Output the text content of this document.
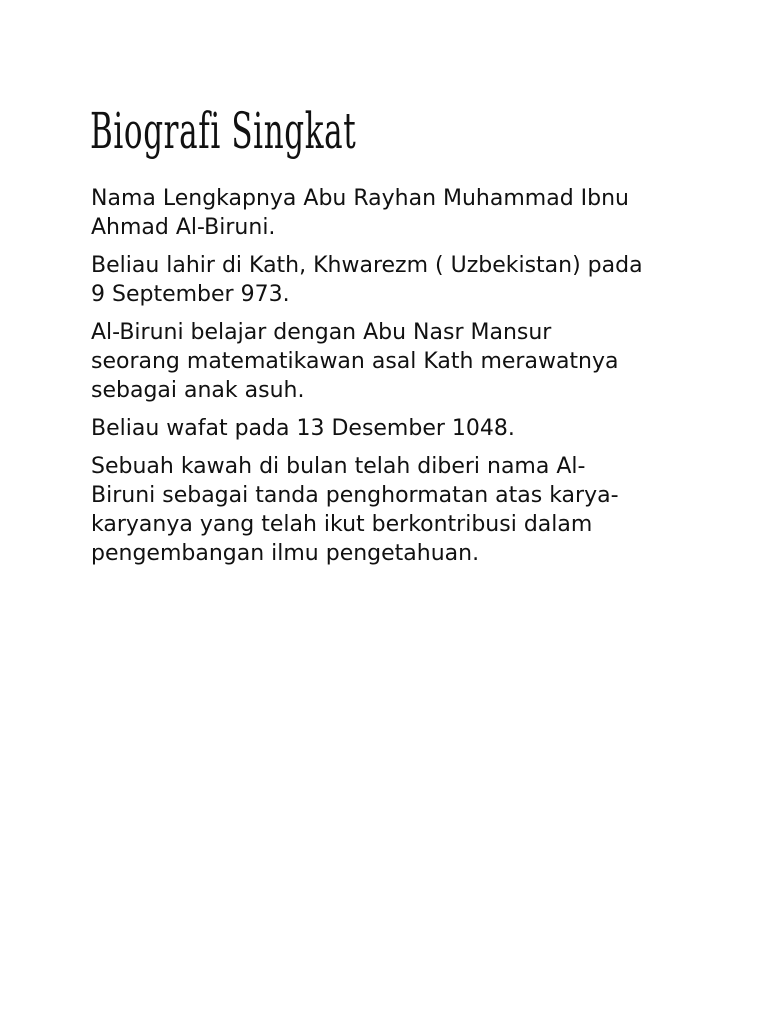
Biografi Singkat

Nama Lengkapnya Abu Rayhan Muhammad Ibnu
Ahmad Al-Biruni.

Beliau lahir di Kath, Khwarezm ( Uzbekistan) pada
9 September 973.

Al-Biruni belajar dengan Abu Nasr Mansur
seorang matematikawan asal Kath merawatnya
sebagai anak asuh.

Beliau wafat pada 13 Desember 1048.

Sebuah kawah di bulan telah diberi nama Al-
Biruni sebagai tanda penghormatan atas karya-
karyanya yang telah ikut berkontribusi dalam
pengembangan ilmu pengetahuan.
